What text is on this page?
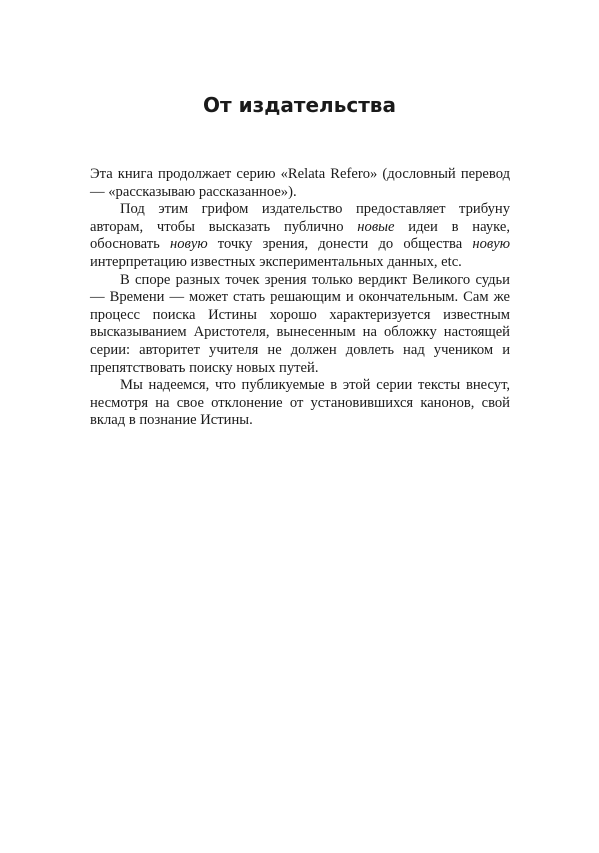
От издательства

Эта книга продолжает серию «Relata Refero» (дословный перевод — «рассказываю рассказанное»).

Под этим грифом издательство предоставляет трибуну авторам, чтобы высказать публично новые идеи в науке, обосновать новую точку зрения, донести до общества новую интерпретацию известных экспериментальных данных, etc.

В споре разных точек зрения только вердикт Великого судьи — Времени — может стать решающим и окончательным. Сам же процесс поиска Истины хорошо характеризуется известным высказыванием Аристотеля, вынесенным на обложку настоящей серии: авторитет учителя не должен довлеть над учеником и препятствовать поиску новых путей.

Мы надеемся, что публикуемые в этой серии тексты внесут, несмотря на свое отклонение от установившихся канонов, свой вклад в познание Истины.
